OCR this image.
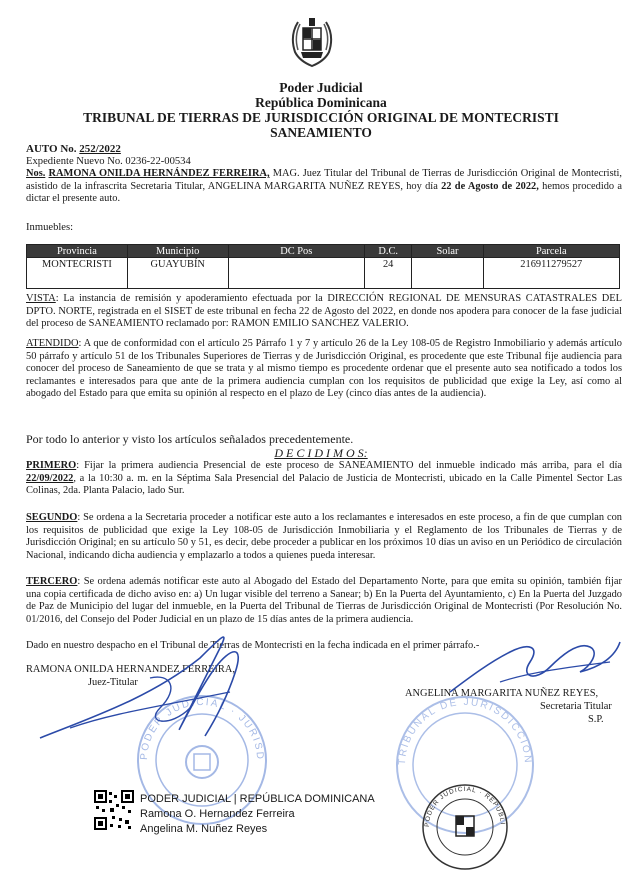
Poder Judicial
República Dominicana
TRIBUNAL DE TIERRAS DE JURISDICCIÓN ORIGINAL DE MONTECRISTI
SANEAMIENTO
AUTO No. 252/2022
Expediente Nuevo No. 0236-22-00534
Nos. RAMONA ONILDA HERNÁNDEZ FERREIRA, MAG. Juez Titular del Tribunal de Tierras de Jurisdicción Original de Montecristi, asistido de la infrascrita Secretaria Titular, ANGELINA MARGARITA NUÑEZ REYES, hoy día 22 de Agosto de 2022, hemos procedido a dictar el presente auto.
Inmuebles:
Provincia	Municipio	DC Pos	D.C.	Solar	Parcela
MONTECRISTI	GUAYUBÍN		24		216911279527
VISTA: La instancia de remisión y apoderamiento efectuada por la DIRECCIÓN REGIONAL DE MENSURAS CATASTRALES DEL DPTO. NORTE, registrada en el SISET de este tribunal en fecha 22 de Agosto del 2022, en donde nos apodera para conocer de la fase judicial del proceso de SANEAMIENTO reclamado por: RAMON EMILIO SANCHEZ VALERIO.
ATENDIDO: A que de conformidad con el artículo 25 Párrafo 1 y 7 y artículo 26 de la Ley 108-05 de Registro Inmobiliario y además artículo 50 párrafo y artículo 51 de los Tribunales Superiores de Tierras y de Jurisdicción Original, es procedente que este Tribunal fije audiencia para conocer del proceso de Saneamiento de que se trata y al mismo tiempo es procedente ordenar que el presente auto sea notificado a todos los reclamantes e interesados para que ante de la primera audiencia cumplan con los requisitos de publicidad que exige la Ley, así como al abogado del Estado para que emita su opinión al respecto en el plazo de Ley (cinco días antes de la audiencia).
Por todo lo anterior y visto los artículos señalados precedentemente.
D E C I D I M O S:
PRIMERO: Fijar la primera audiencia Presencial de este proceso de SANEAMIENTO del inmueble indicado más arriba, para el día 22/09/2022, a la 10:30 a. m. en la Séptima Sala Presencial del Palacio de Justicia de Montecristi, ubicado en la Calle Pimentel Sector Las Colinas, 2da. Planta Palacio, lado Sur.
SEGUNDO: Se ordena a la Secretaria proceder a notificar este auto a los reclamantes e interesados en este proceso, a fin de que cumplan con los requisitos de publicidad que exige la Ley 108-05 de Jurisdicción Inmobiliaria y el Reglamento de los Tribunales de Tierras y de Jurisdicción Original; en su artículo 50 y 51, es decir, debe proceder a publicar en los próximos 10 días un aviso en un Periódico de circulación Nacional, indicando dicha audiencia y emplazarlo a todos a quienes pueda interesar.
TERCERO: Se ordena además notificar este auto al Abogado del Estado del Departamento Norte, para que emita su opinión, también fijar una copia certificada de dicho aviso en: a) Un lugar visible del terreno a Sanear; b) En la Puerta del Ayuntamiento, c) En la Puerta del Juzgado de Paz de Municipio del lugar del inmueble, en la Puerta del Tribunal de Tierras de Jurisdicción Original de Montecristi (Por Resolución No. 01/2016, del Consejo del Poder Judicial en un plazo de 15 días antes de la primera audiencia.
Dado en nuestro despacho en el Tribunal de Tierras de Montecristi en la fecha indicada en el primer párrafo.-
RAMONA ONILDA HERNANDEZ FERREIRA,
Juez-Titular
ANGELINA MARGARITA NUÑEZ REYES,
Secretaria Titular
S.P.
PODER JUDICIAL · JURISD	TRIBUNAL DE JURISDICCIÓN
PODER JUDICIAL · REPÚBLI
PODER JUDICIAL | REPÚBLICA DOMINICANA
Ramona O. Hernandez Ferreira
Angelina M. Nuñez Reyes
